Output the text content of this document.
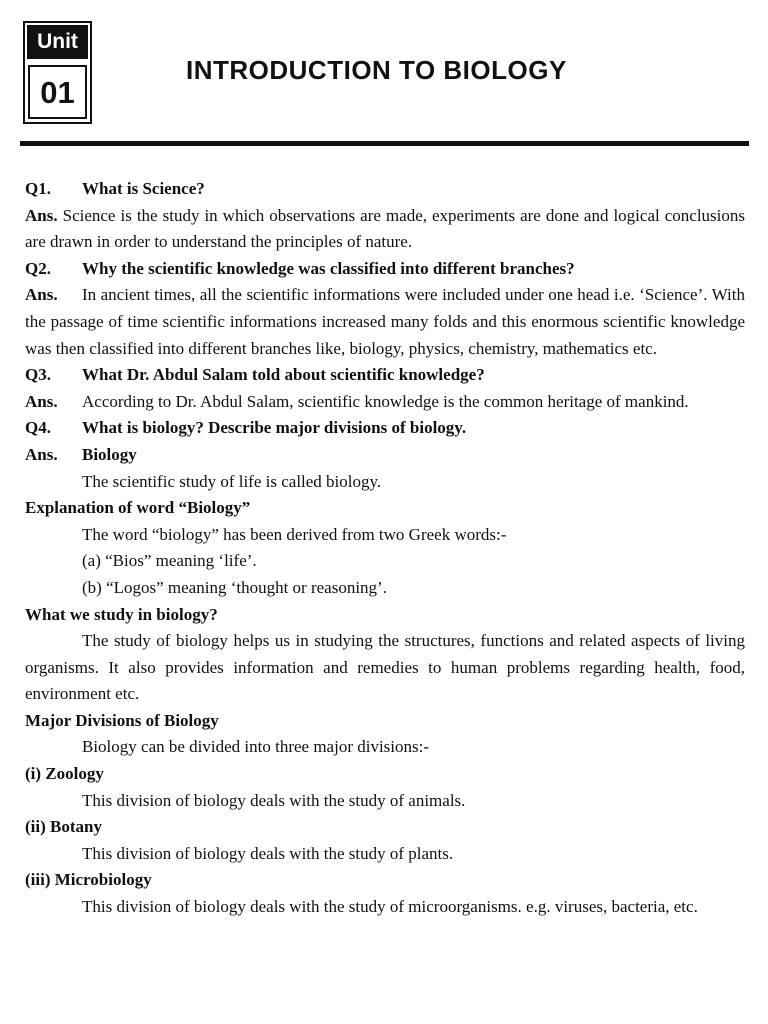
Unit
01
INTRODUCTION TO BIOLOGY

Q1. What is Science?

Ans. Science is the study in which observations are made, experiments are done and logical conclusions are drawn in order to understand the principles of nature.

Q2. Why the scientific knowledge was classified into different branches?

Ans. In ancient times, all the scientific informations were included under one head i.e. ‘Science’. With the passage of time scientific informations increased many folds and this enormous scientific knowledge was then classified into different branches like, biology, physics, chemistry, mathematics etc.

Q3. What Dr. Abdul Salam told about scientific knowledge?

Ans. According to Dr. Abdul Salam, scientific knowledge is the common heritage of mankind.

Q4. What is biology? Describe major divisions of biology.

Ans. Biology

The scientific study of life is called biology.

Explanation of word “Biology”

The word “biology” has been derived from two Greek words:-

(a) “Bios” meaning ‘life’.

(b) “Logos” meaning ‘thought or reasoning’.

What we study in biology?

The study of biology helps us in studying the structures, functions and related aspects of living organisms. It also provides information and remedies to human problems regarding health, food, environment etc.

Major Divisions of Biology

Biology can be divided into three major divisions:-

(i) Zoology

This division of biology deals with the study of animals.

(ii) Botany

This division of biology deals with the study of plants.

(iii) Microbiology

This division of biology deals with the study of microorganisms. e.g. viruses, bacteria, etc.
